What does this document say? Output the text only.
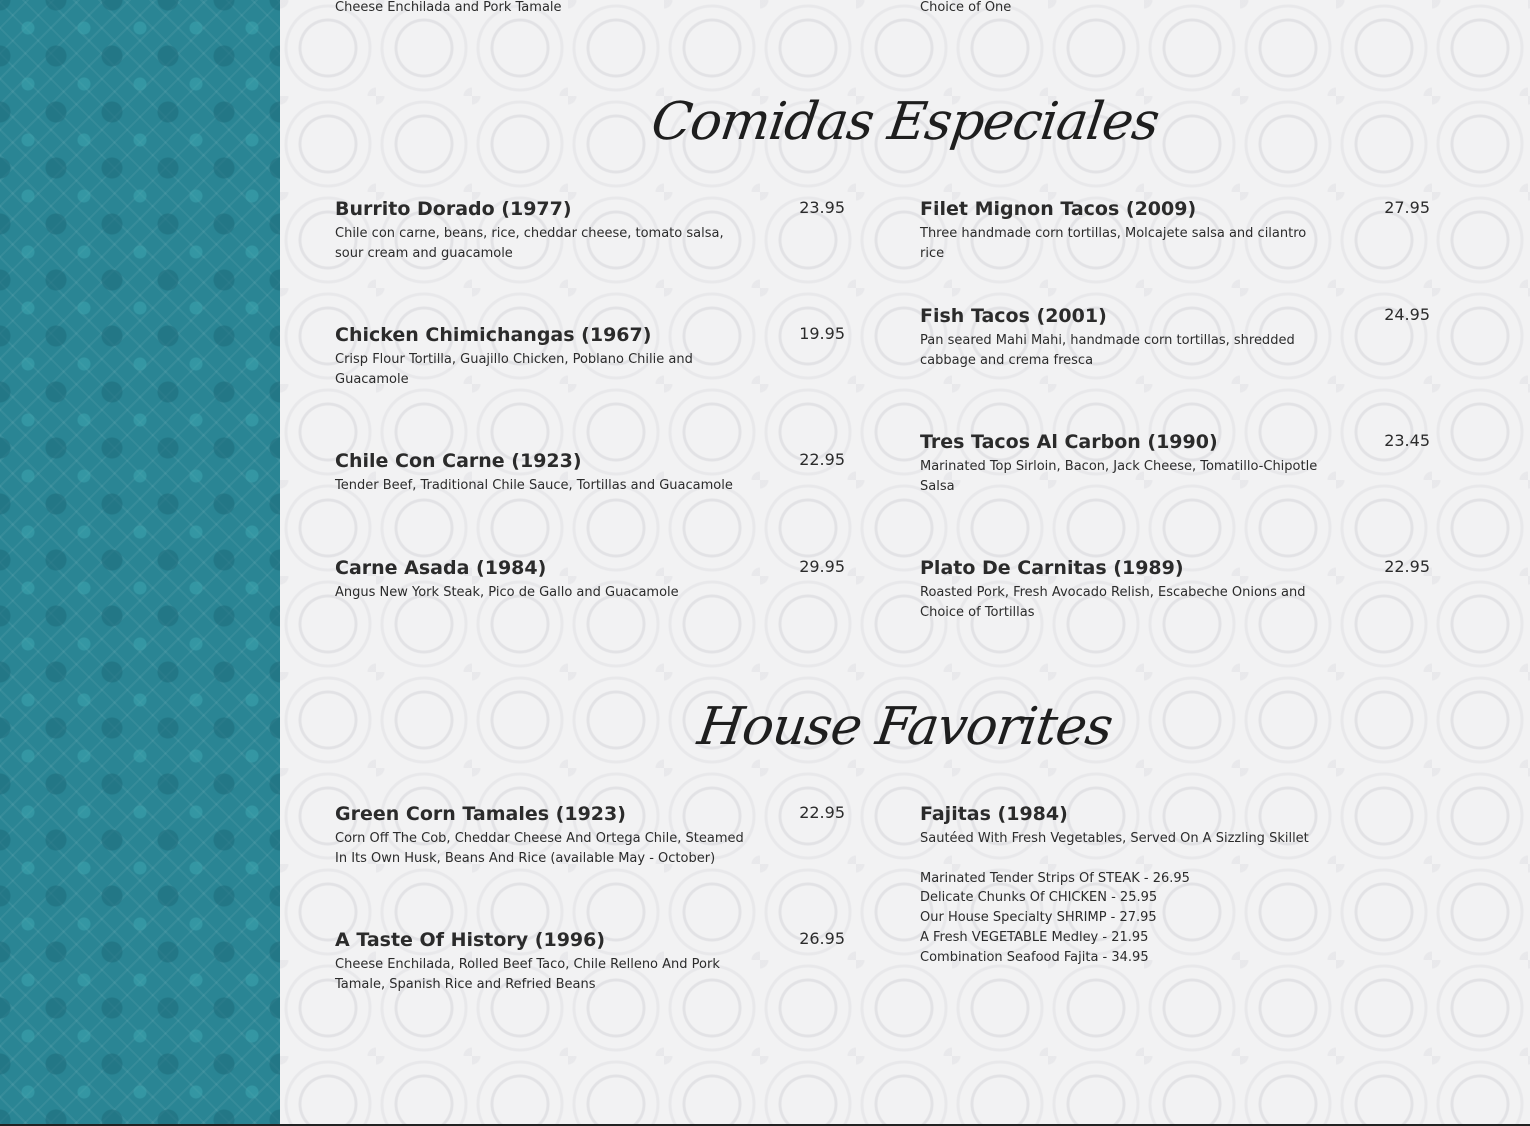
Cheese Enchilada and Pork Tamale	Choice of One
Comidas Especiales

Burrito Dorado (1977)

Chile con carne, beans, rice, cheddar cheese, tomato salsa, sour cream and guacamole

23.95

Chicken Chimichangas (1967)

Crisp Flour Tortilla, Guajillo Chicken, Poblano Chilie and Guacamole

19.95

Chile Con Carne (1923)

Tender Beef, Traditional Chile Sauce, Tortillas and Guacamole

22.95

Carne Asada (1984)

Angus New York Steak, Pico de Gallo and Guacamole

29.95

Filet Mignon Tacos (2009)

Three handmade corn tortillas, Molcajete salsa and cilantro rice

27.95

Fish Tacos (2001)

Pan seared Mahi Mahi, handmade corn tortillas, shredded cabbage and crema fresca

24.95

Tres Tacos Al Carbon (1990)

Marinated Top Sirloin, Bacon, Jack Cheese, Tomatillo-Chipotle Salsa

23.45

Plato De Carnitas (1989)

Roasted Pork, Fresh Avocado Relish, Escabeche Onions and Choice of Tortillas

22.95
House Favorites

Green Corn Tamales (1923)

Corn Off The Cob, Cheddar Cheese And Ortega Chile, Steamed In Its Own Husk, Beans And Rice (available May - October)

22.95

A Taste Of History (1996)

Cheese Enchilada, Rolled Beef Taco, Chile Relleno And Pork Tamale, Spanish Rice and Refried Beans

26.95

Fajitas (1984)

Sautéed With Fresh Vegetables, Served On A Sizzling Skillet

Marinated Tender Strips Of STEAK - 26.95
Delicate Chunks Of CHICKEN - 25.95
Our House Specialty SHRIMP - 27.95
A Fresh VEGETABLE Medley - 21.95
Combination Seafood Fajita - 34.95
